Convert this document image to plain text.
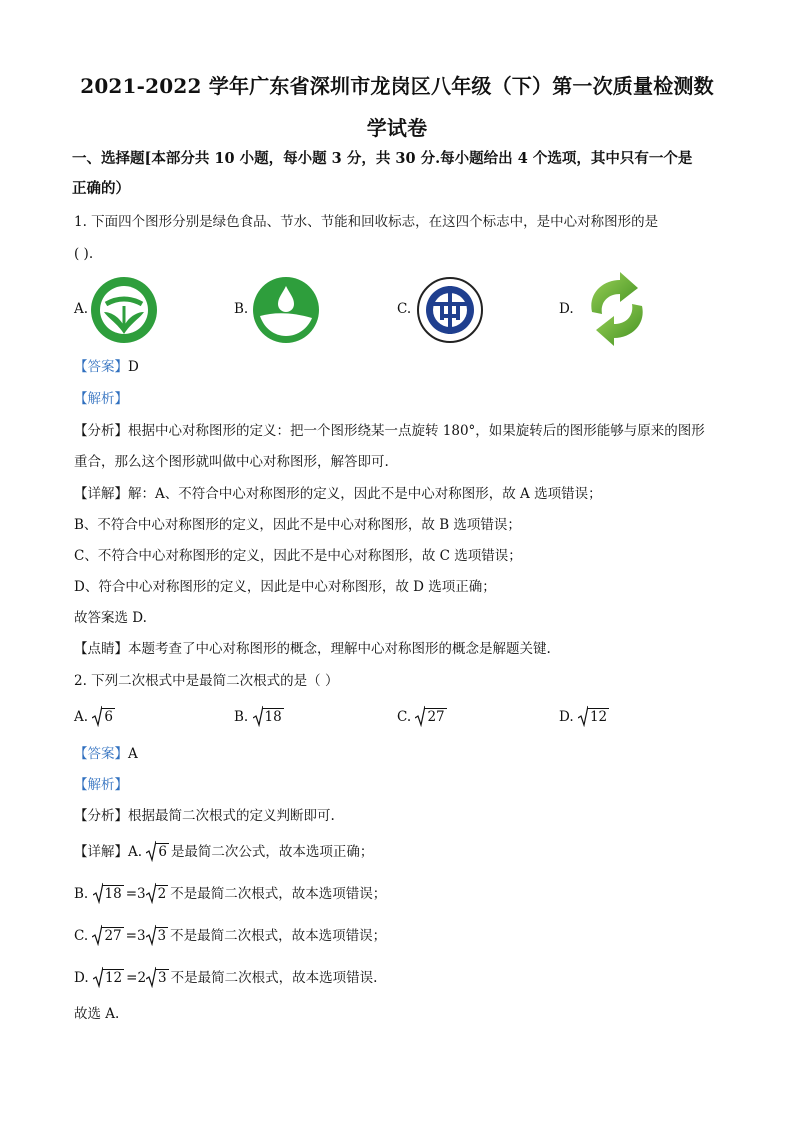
2021-2022 学年广东省深圳市龙岗区八年级（下）第一次质量检测数
学试卷
一、选择题[本部分共 10 小题，每小题 3 分，共 30 分.每小题给出 4 个选项，其中只有一个是
正确的）
1. 下面四个图形分别是绿色食品、节水、节能和回收标志，在这四个标志中，是中心对称图形的是
( ).
A.	B.	C.	D.
【答案】D
【解析】
【分析】根据中心对称图形的定义：把一个图形绕某一点旋转 180°，如果旋转后的图形能够与原来的图形
重合，那么这个图形就叫做中心对称图形，解答即可.
【详解】解：A、不符合中心对称图形的定义，因此不是中心对称图形，故 A 选项错误；
B、不符合中心对称图形的定义，因此不是中心对称图形，故 B 选项错误；
C、不符合中心对称图形的定义，因此不是中心对称图形，故 C 选项错误；
D、符合中心对称图形的定义，因此是中心对称图形，故 D 选项正确；
故答案选 D.
【点睛】本题考查了中心对称图形的概念，理解中心对称图形的概念是解题关键.
2. 下列二次根式中是最简二次根式的是（ ）
A. 6	B. 18	C. 27	D. 12
【答案】A
【解析】
【分析】根据最简二次根式的定义判断即可.
【详解】A. 6 是最简二次公式，故本选项正确；
B. 18 =3 2 不是最简二次根式，故本选项错误；
C. 27 =3 3 不是最简二次根式，故本选项错误；
D. 12 =2 3 不是最简二次根式，故本选项错误.
故选 A.
